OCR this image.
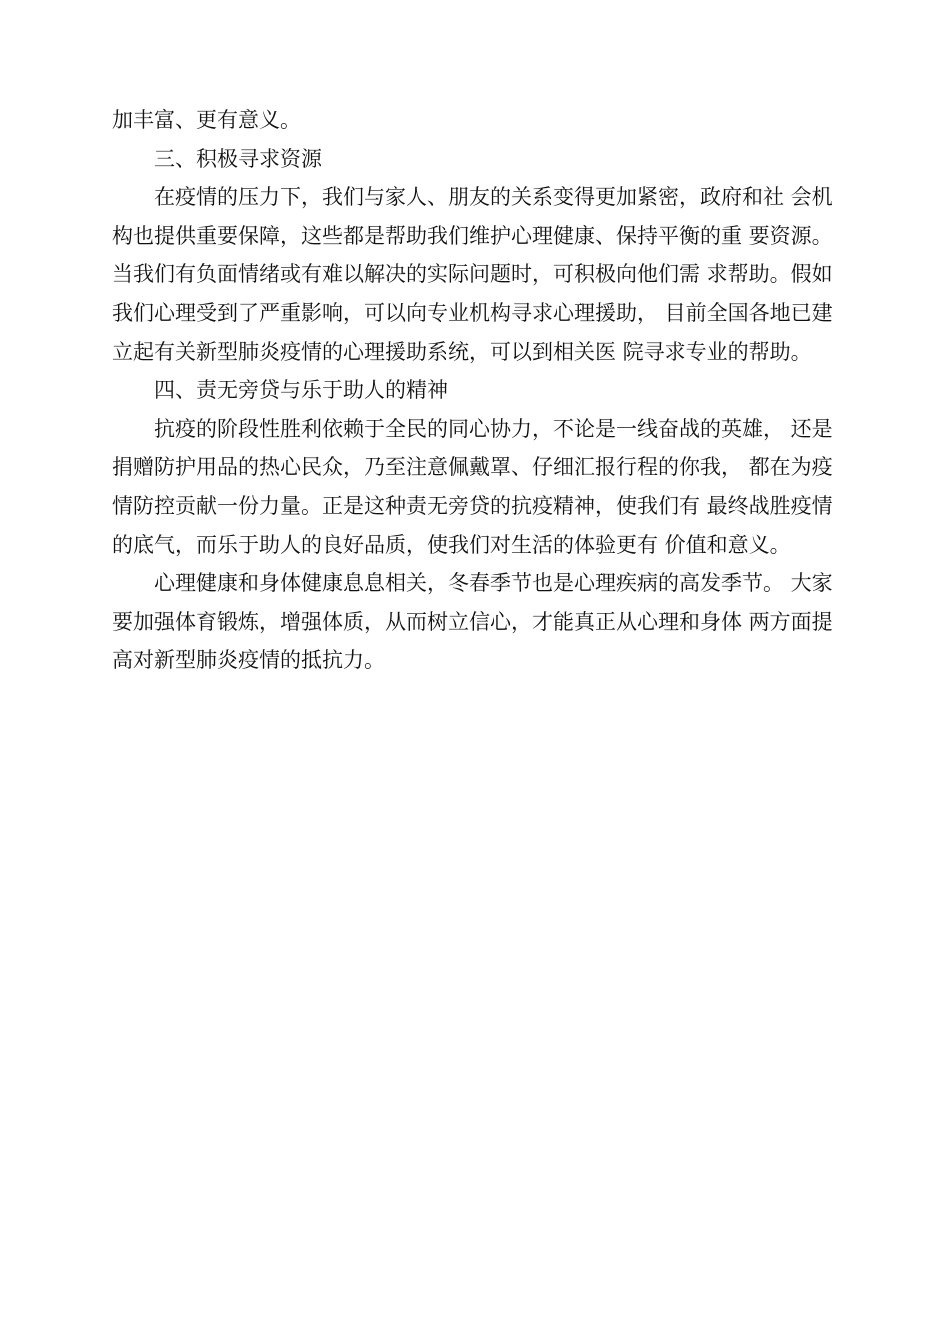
加丰富、更有意义。
三、积极寻求资源
在疫情的压力下，我们与家人、朋友的关系变得更加紧密，政府和社 会机
构也提供重要保障，这些都是帮助我们维护心理健康、保持平衡的重 要资源。
当我们有负面情绪或有难以解决的实际问题时，可积极向他们需 求帮助。假如
我们心理受到了严重影响，可以向专业机构寻求心理援助， 目前全国各地已建
立起有关新型肺炎疫情的心理援助系统，可以到相关医 院寻求专业的帮助。
四、责无旁贷与乐于助人的精神
抗疫的阶段性胜利依赖于全民的同心协力，不论是一线奋战的英雄， 还是
捐赠防护用品的热心民众，乃至注意佩戴罩、仔细汇报行程的你我， 都在为疫
情防控贡献一份力量。正是这种责无旁贷的抗疫精神，使我们有 最终战胜疫情
的底气，而乐于助人的良好品质，使我们对生活的体验更有 价值和意义。
心理健康和身体健康息息相关，冬春季节也是心理疾病的高发季节。 大家
要加强体育锻炼，增强体质，从而树立信心，才能真正从心理和身体 两方面提
高对新型肺炎疫情的抵抗力。
